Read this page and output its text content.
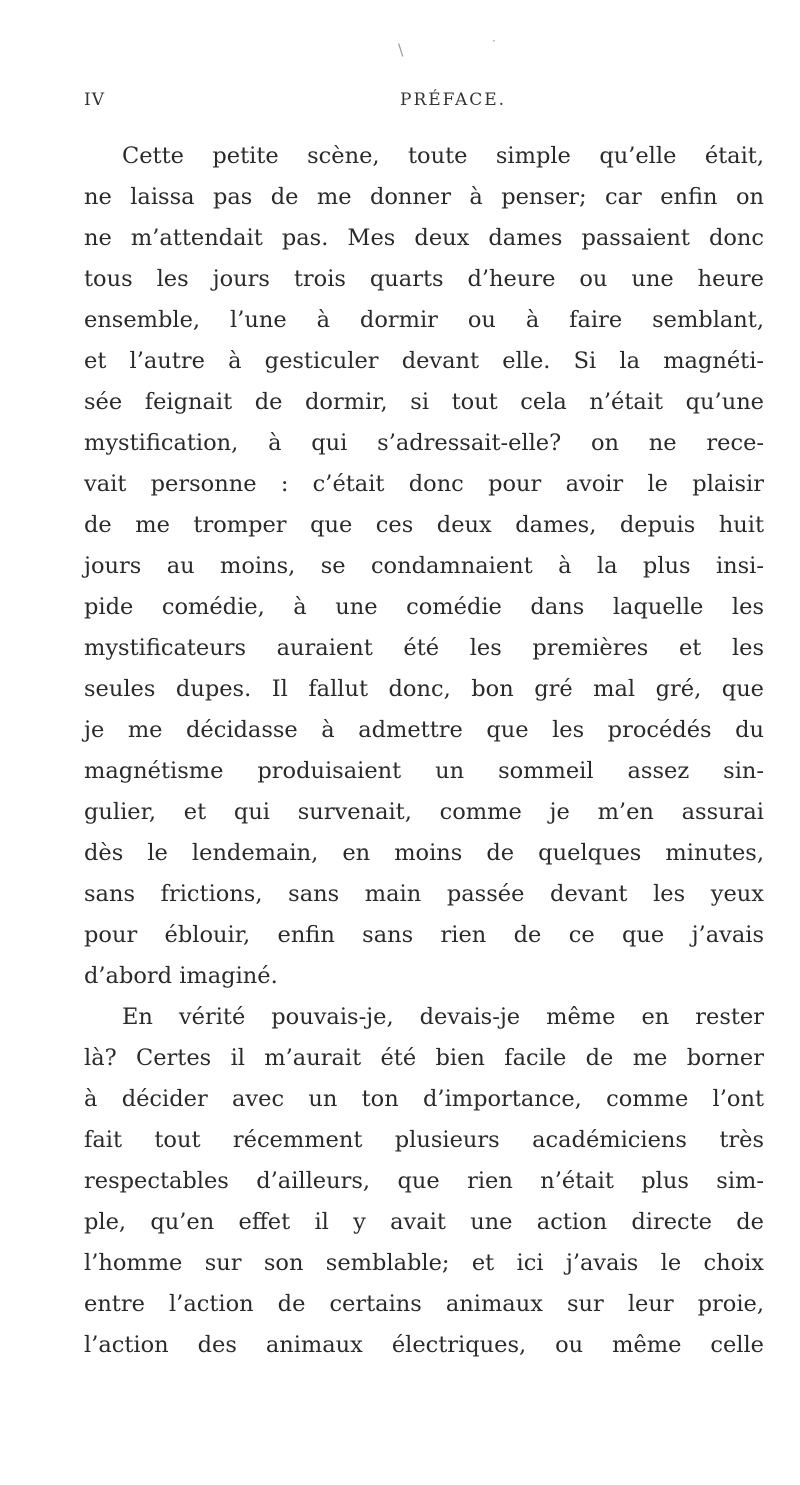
\	·
IV	PRÉFACE.
Cette petite scène, toute simple qu’elle était,
ne laissa pas de me donner à penser; car enfin on
ne m’attendait pas. Mes deux dames passaient donc
tous les jours trois quarts d’heure ou une heure
ensemble, l’une à dormir ou à faire semblant,
et l’autre à gesticuler devant elle. Si la magnéti-
sée feignait de dormir, si tout cela n’était qu’une
mystification, à qui s’adressait-elle? on ne rece-
vait personne : c’était donc pour avoir le plaisir
de me tromper que ces deux dames, depuis huit
jours au moins, se condamnaient à la plus insi-
pide comédie, à une comédie dans laquelle les
mystificateurs auraient été les premières et les
seules dupes. Il fallut donc, bon gré mal gré, que
je me décidasse à admettre que les procédés du
magnétisme produisaient un sommeil assez sin-
gulier, et qui survenait, comme je m’en assurai
dès le lendemain, en moins de quelques minutes,
sans frictions, sans main passée devant les yeux
pour éblouir, enfin sans rien de ce que j’avais
d’abord imaginé.
En vérité pouvais-je, devais-je même en rester
là? Certes il m’aurait été bien facile de me borner
à décider avec un ton d’importance, comme l’ont
fait tout récemment plusieurs académiciens très
respectables d’ailleurs, que rien n’était plus sim-
ple, qu’en effet il y avait une action directe de
l’homme sur son semblable; et ici j’avais le choix
entre l’action de certains animaux sur leur proie,
l’action des animaux électriques, ou même celle
